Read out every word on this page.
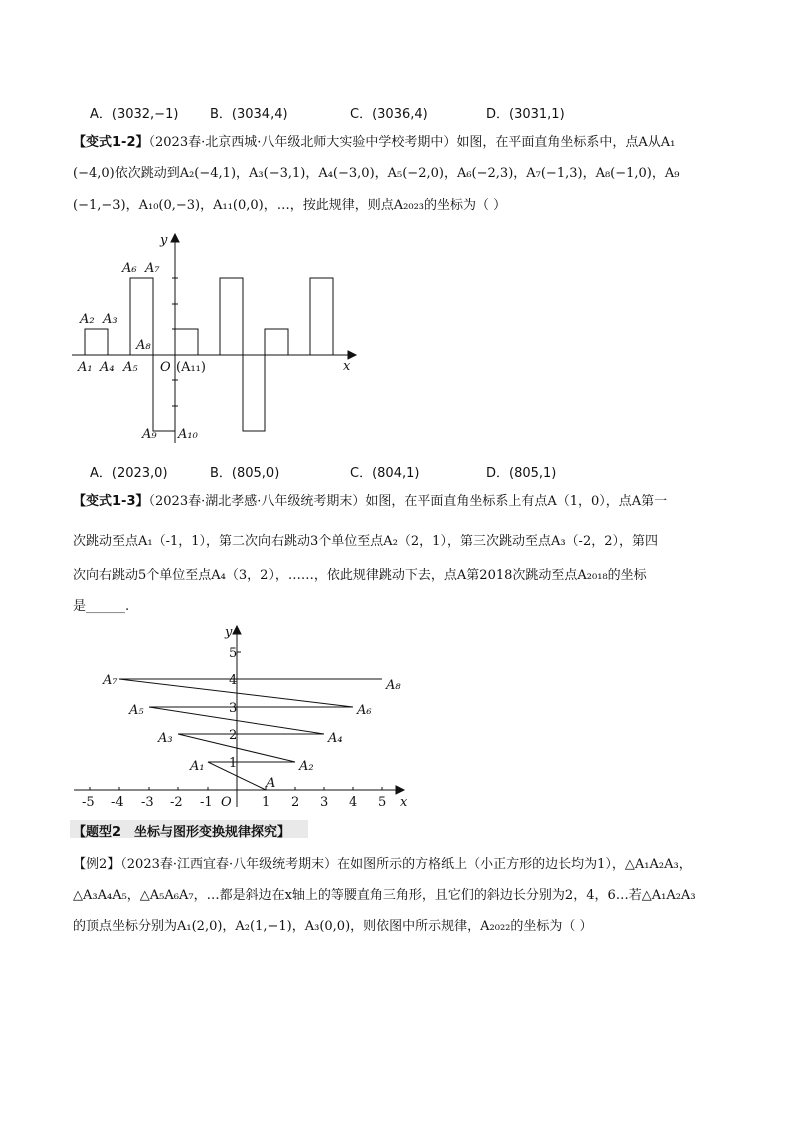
A．(3032,−1) B．(3034,4)	C．(3036,4)	D．(3031,1)
【变式1-2】（2023春·北京西城·八年级北师大实验中学校考期中）如图，在平面直角坐标系中，点A从A₁
(−4,0)依次跳动到A₂(−4,1)，A₃(−3,1)，A₄(−3,0)，A₅(−2,0)，A₆(−2,3)，A₇(−1,3)，A₈(−1,0)，A₉
(−1,−3)，A₁₀(0,−3)，A₁₁(0,0)，…，按此规律，则点A₂₀₂₃的坐标为（ ）
y
x
O (A₁₁)
A₁
A₂ A₃
A₄ A₅
A₆ A₇
A₈
A₉ A₁₀
A．(2023,0)	B．(805,0)	C．(804,1)	D．(805,1)
【变式1-3】（2023春·湖北孝感·八年级统考期末）如图，在平面直角坐标系上有点A（1，0），点A第一
次跳动至点A₁（-1，1），第二次向右跳动3个单位至点A₂（2，1），第三次跳动至点A₃（-2，2），第四
次向右跳动5个单位至点A₄（3，2），……，依此规律跳动下去，点A第2018次跳动至点A₂₀₁₈的坐标
是______.
y
x
O
-5 -4 -3 -2 -1	1 2 3 4 5
1
2
3
4
5
A
A₁	A₂
A₃	A₄
A₅	A₆
A₇	A₈
【题型2　坐标与图形变换规律探究】
【例2】（2023春·江西宜春·八年级统考期末）在如图所示的方格纸上（小正方形的边长均为1），△A₁A₂A₃，
△A₃A₄A₅，△A₅A₆A₇，…都是斜边在x轴上的等腰直角三角形，且它们的斜边长分别为2，4，6…若△A₁A₂A₃
的顶点坐标分别为A₁(2,0)，A₂(1,−1)，A₃(0,0)，则依图中所示规律，A₂₀₂₂的坐标为（ ）
